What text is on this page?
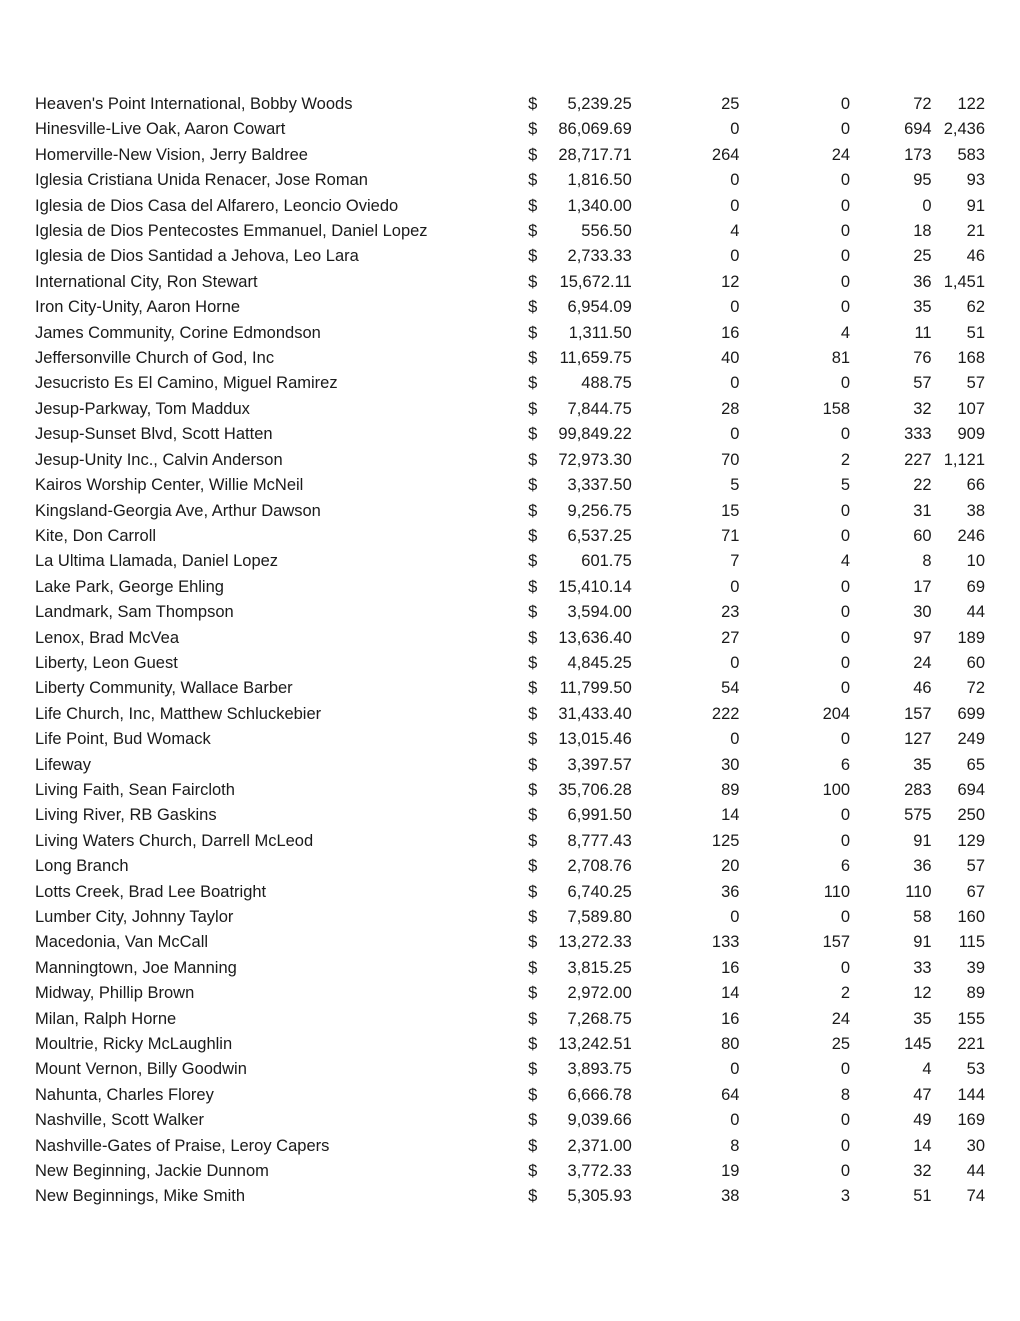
Heaven's Point International, Bobby Woods	$	5,239.25	25	0	72	122
Hinesville-Live Oak, Aaron Cowart	$	86,069.69	0	0	694	2,436
Homerville-New Vision, Jerry Baldree	$	28,717.71	264	24	173	583
Iglesia Cristiana Unida Renacer, Jose Roman	$	1,816.50	0	0	95	93
Iglesia de Dios Casa del Alfarero, Leoncio Oviedo	$	1,340.00	0	0	0	91
Iglesia de Dios Pentecostes Emmanuel, Daniel Lopez	$	556.50	4	0	18	21
Iglesia de Dios Santidad a Jehova, Leo Lara	$	2,733.33	0	0	25	46
International City, Ron Stewart	$	15,672.11	12	0	36	1,451
Iron City-Unity, Aaron Horne	$	6,954.09	0	0	35	62
James Community, Corine Edmondson	$	1,311.50	16	4	11	51
Jeffersonville Church of God, Inc	$	11,659.75	40	81	76	168
Jesucristo Es El Camino, Miguel Ramirez	$	488.75	0	0	57	57
Jesup-Parkway, Tom Maddux	$	7,844.75	28	158	32	107
Jesup-Sunset Blvd, Scott Hatten	$	99,849.22	0	0	333	909
Jesup-Unity Inc., Calvin Anderson	$	72,973.30	70	2	227	1,121
Kairos Worship Center, Willie McNeil	$	3,337.50	5	5	22	66
Kingsland-Georgia Ave, Arthur Dawson	$	9,256.75	15	0	31	38
Kite, Don Carroll	$	6,537.25	71	0	60	246
La Ultima Llamada, Daniel Lopez	$	601.75	7	4	8	10
Lake Park, George Ehling	$	15,410.14	0	0	17	69
Landmark, Sam Thompson	$	3,594.00	23	0	30	44
Lenox, Brad McVea	$	13,636.40	27	0	97	189
Liberty, Leon Guest	$	4,845.25	0	0	24	60
Liberty Community, Wallace Barber	$	11,799.50	54	0	46	72
Life Church, Inc, Matthew Schluckebier	$	31,433.40	222	204	157	699
Life Point, Bud Womack	$	13,015.46	0	0	127	249
Lifeway	$	3,397.57	30	6	35	65
Living Faith, Sean Faircloth	$	35,706.28	89	100	283	694
Living River, RB Gaskins	$	6,991.50	14	0	575	250
Living Waters Church, Darrell McLeod	$	8,777.43	125	0	91	129
Long Branch	$	2,708.76	20	6	36	57
Lotts Creek, Brad Lee Boatright	$	6,740.25	36	110	110	67
Lumber City, Johnny Taylor	$	7,589.80	0	0	58	160
Macedonia, Van McCall	$	13,272.33	133	157	91	115
Manningtown, Joe Manning	$	3,815.25	16	0	33	39
Midway, Phillip Brown	$	2,972.00	14	2	12	89
Milan, Ralph Horne	$	7,268.75	16	24	35	155
Moultrie, Ricky McLaughlin	$	13,242.51	80	25	145	221
Mount Vernon, Billy Goodwin	$	3,893.75	0	0	4	53
Nahunta, Charles Florey	$	6,666.78	64	8	47	144
Nashville, Scott Walker	$	9,039.66	0	0	49	169
Nashville-Gates of Praise, Leroy Capers	$	2,371.00	8	0	14	30
New Beginning, Jackie Dunnom	$	3,772.33	19	0	32	44
New Beginnings, Mike Smith	$	5,305.93	38	3	51	74
